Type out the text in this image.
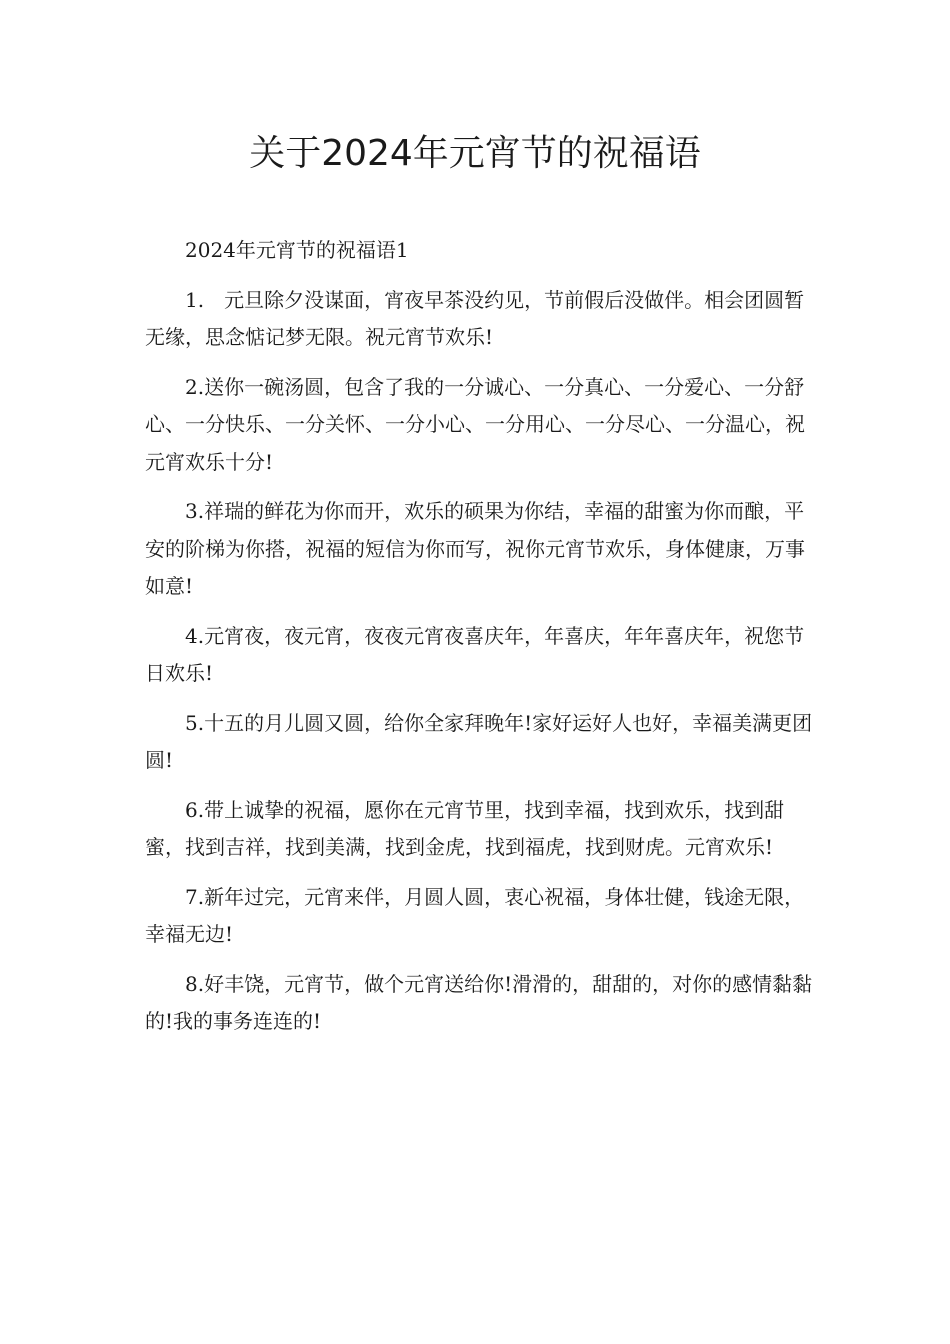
关于2024年元宵节的祝福语

2024年元宵节的祝福语1

1.　元旦除夕没谋面，宵夜早茶没约见，节前假后没做伴。相会团圆暂无缘，思念惦记梦无限。祝元宵节欢乐!

2.送你一碗汤圆，包含了我的一分诚心、一分真心、一分爱心、一分舒心、一分快乐、一分关怀、一分小心、一分用心、一分尽心、一分温心，祝元宵欢乐十分!

3.祥瑞的鲜花为你而开，欢乐的硕果为你结，幸福的甜蜜为你而酿，平安的阶梯为你搭，祝福的短信为你而写，祝你元宵节欢乐，身体健康，万事如意!

4.元宵夜，夜元宵，夜夜元宵夜喜庆年，年喜庆，年年喜庆年，祝您节日欢乐!

5.十五的月儿圆又圆，给你全家拜晚年!家好运好人也好，幸福美满更团圆!

6.带上诚挚的祝福，愿你在元宵节里，找到幸福，找到欢乐，找到甜蜜，找到吉祥，找到美满，找到金虎，找到福虎，找到财虎。元宵欢乐!

7.新年过完，元宵来伴，月圆人圆，衷心祝福，身体壮健，钱途无限，幸福无边!

8.好丰饶，元宵节，做个元宵送给你!滑滑的，甜甜的，对你的感情黏黏的!我的事务连连的!
